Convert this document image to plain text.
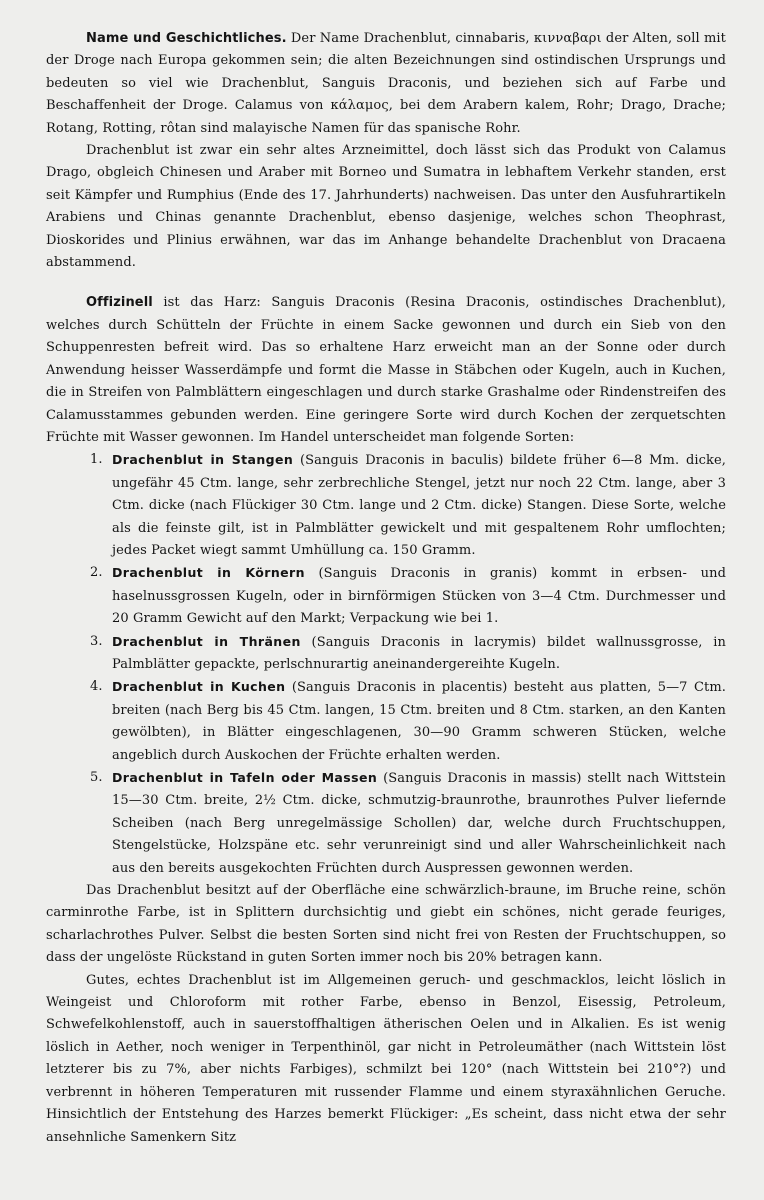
Name und Geschichtliches. Der Name Drachenblut, cinnabaris, κινναβαρι der Alten, soll mit der Droge nach Europa gekommen sein; die alten Bezeichnungen sind ostindischen Ursprungs und bedeuten so viel wie Drachenblut, Sanguis Draconis, und beziehen sich auf Farbe und Beschaffenheit der Droge. Calamus von κάλαμος, bei dem Arabern kalem, Rohr; Drago, Drache; Rotang, Rotting, rôtan sind malayische Namen für das spanische Rohr.

Drachenblut ist zwar ein sehr altes Arzneimittel, doch lässt sich das Produkt von Calamus Drago, obgleich Chinesen und Araber mit Borneo und Sumatra in lebhaftem Verkehr standen, erst seit Kämpfer und Rumphius (Ende des 17. Jahrhunderts) nachweisen. Das unter den Ausfuhrartikeln Arabiens und Chinas genannte Drachenblut, ebenso dasjenige, welches schon Theophrast, Dioskorides und Plinius erwähnen, war das im Anhange behandelte Drachenblut von Dracaena abstammend.

Offizinell ist das Harz: Sanguis Draconis (Resina Draconis, ostindisches Drachenblut), welches durch Schütteln der Früchte in einem Sacke gewonnen und durch ein Sieb von den Schuppenresten befreit wird. Das so erhaltene Harz erweicht man an der Sonne oder durch Anwendung heisser Wasserdämpfe und formt die Masse in Stäbchen oder Kugeln, auch in Kuchen, die in Streifen von Palmblättern eingeschlagen und durch starke Grashalme oder Rindenstreifen des Calamusstammes gebunden werden. Eine geringere Sorte wird durch Kochen der zerquetschten Früchte mit Wasser gewonnen. Im Handel unterscheidet man folgende Sorten:

1. Drachenblut in Stangen (Sanguis Draconis in baculis) bildete früher 6—8 Mm. dicke, ungefähr 45 Ctm. lange, sehr zerbrechliche Stengel, jetzt nur noch 22 Ctm. lange, aber 3 Ctm. dicke (nach Flückiger 30 Ctm. lange und 2 Ctm. dicke) Stangen. Diese Sorte, welche als die feinste gilt, ist in Palmblätter gewickelt und mit gespaltenem Rohr umflochten; jedes Packet wiegt sammt Umhüllung ca. 150 Gramm.
2. Drachenblut in Körnern (Sanguis Draconis in granis) kommt in erbsen- und haselnussgrossen Kugeln, oder in birnförmigen Stücken von 3—4 Ctm. Durchmesser und 20 Gramm Gewicht auf den Markt; Verpackung wie bei 1.
3. Drachenblut in Thränen (Sanguis Draconis in lacrymis) bildet wallnussgrosse, in Palmblätter gepackte, perlschnurartig aneinandergereihte Kugeln.
4. Drachenblut in Kuchen (Sanguis Draconis in placentis) besteht aus platten, 5—7 Ctm. breiten (nach Berg bis 45 Ctm. langen, 15 Ctm. breiten und 8 Ctm. starken, an den Kanten gewölbten), in Blätter eingeschlagenen, 30—90 Gramm schweren Stücken, welche angeblich durch Auskochen der Früchte erhalten werden.
5. Drachenblut in Tafeln oder Massen (Sanguis Draconis in massis) stellt nach Wittstein 15—30 Ctm. breite, 2½ Ctm. dicke, schmutzig-braunrothe, braunrothes Pulver liefernde Scheiben (nach Berg unregelmässige Schollen) dar, welche durch Fruchtschuppen, Stengelstücke, Holzspäne etc. sehr verunreinigt sind und aller Wahrscheinlichkeit nach aus den bereits ausgekochten Früchten durch Auspressen gewonnen werden.

Das Drachenblut besitzt auf der Oberfläche eine schwärzlich-braune, im Bruche reine, schön carminrothe Farbe, ist in Splittern durchsichtig und giebt ein schönes, nicht gerade feuriges, scharlachrothes Pulver. Selbst die besten Sorten sind nicht frei von Resten der Fruchtschuppen, so dass der ungelöste Rückstand in guten Sorten immer noch bis 20% betragen kann.

Gutes, echtes Drachenblut ist im Allgemeinen geruch- und geschmacklos, leicht löslich in Weingeist und Chloroform mit rother Farbe, ebenso in Benzol, Eisessig, Petroleum, Schwefelkohlenstoff, auch in sauerstoffhaltigen ätherischen Oelen und in Alkalien. Es ist wenig löslich in Aether, noch weniger in Terpenthinöl, gar nicht in Petroleumäther (nach Wittstein löst letzterer bis zu 7%, aber nichts Farbiges), schmilzt bei 120° (nach Wittstein bei 210°?) und verbrennt in höheren Temperaturen mit russender Flamme und einem styraxähnlichen Geruche. Hinsichtlich der Entstehung des Harzes bemerkt Flückiger: „Es scheint, dass nicht etwa der sehr ansehnliche Samenkern Sitz
